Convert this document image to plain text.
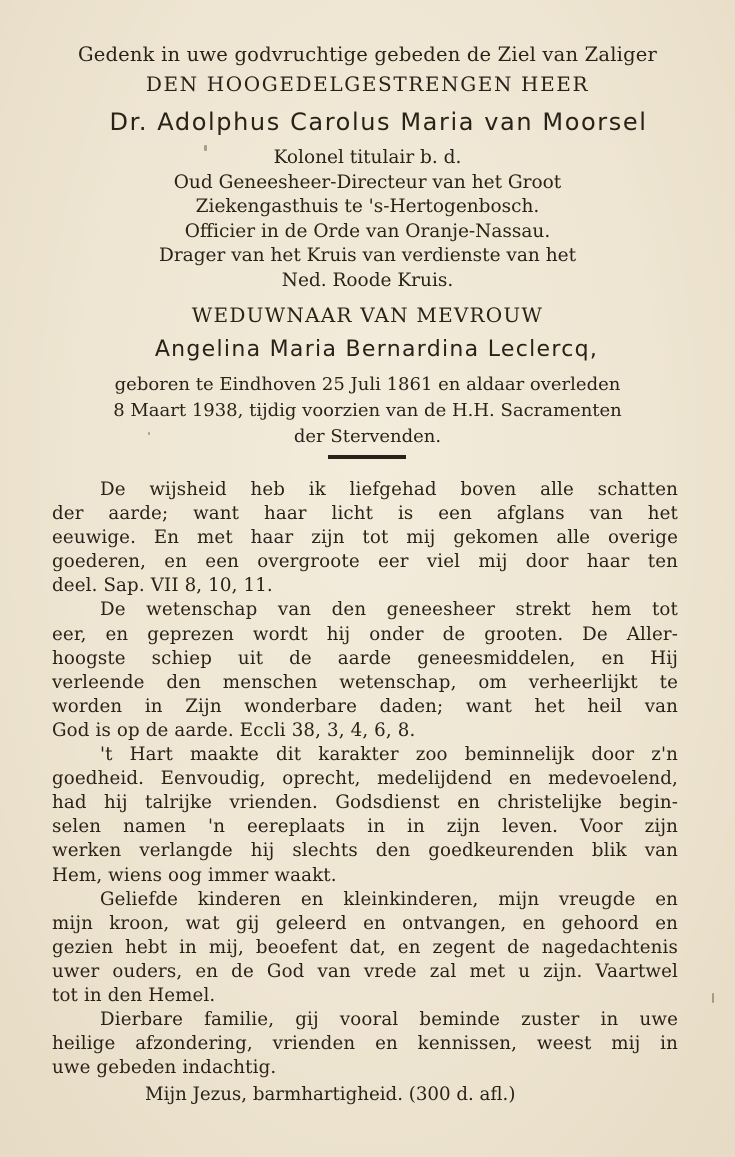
Gedenk in uwe godvruchtige gebeden de Ziel van Zaliger
DEN HOOGEDELGESTRENGEN HEER
Dr. Adolphus Carolus Maria van Moorsel
Kolonel titulair b. d.
Oud Geneesheer-Directeur van het Groot
Ziekengasthuis te 's-Hertogenbosch.
Officier in de Orde van Oranje-Nassau.
Drager van het Kruis van verdienste van het
Ned. Roode Kruis.
WEDUWNAAR VAN MEVROUW
Angelina Maria Bernardina Leclercq,
geboren te Eindhoven 25 Juli 1861 en aldaar overleden
8 Maart 1938, tijdig voorzien van de H.H. Sacramenten
der Stervenden.
De wijsheid heb ik liefgehad boven alle schatten
der aarde; want haar licht is een afglans van het
eeuwige. En met haar zijn tot mij gekomen alle overige
goederen, en een overgroote eer viel mij door haar ten
deel. Sap. VII 8, 10, 11.
De wetenschap van den geneesheer strekt hem tot
eer, en geprezen wordt hij onder de grooten. De Aller-
hoogste schiep uit de aarde geneesmiddelen, en Hij
verleende den menschen wetenschap, om verheerlijkt te
worden in Zijn wonderbare daden; want het heil van
God is op de aarde. Eccli 38, 3, 4, 6, 8.
't Hart maakte dit karakter zoo beminnelijk door z'n
goedheid. Eenvoudig, oprecht, medelijdend en medevoelend,
had hij talrijke vrienden. Godsdienst en christelijke begin-
selen namen 'n eereplaats in in zijn leven. Voor zijn
werken verlangde hij slechts den goedkeurenden blik van
Hem, wiens oog immer waakt.
Geliefde kinderen en kleinkinderen, mijn vreugde en
mijn kroon, wat gij geleerd en ontvangen, en gehoord en
gezien hebt in mij, beoefent dat, en zegent de nagedachtenis
uwer ouders, en de God van vrede zal met u zijn. Vaartwel
tot in den Hemel.
Dierbare familie, gij vooral beminde zuster in uwe
heilige afzondering, vrienden en kennissen, weest mij in
uwe gebeden indachtig.
Mijn Jezus, barmhartigheid. (300 d. afl.)
